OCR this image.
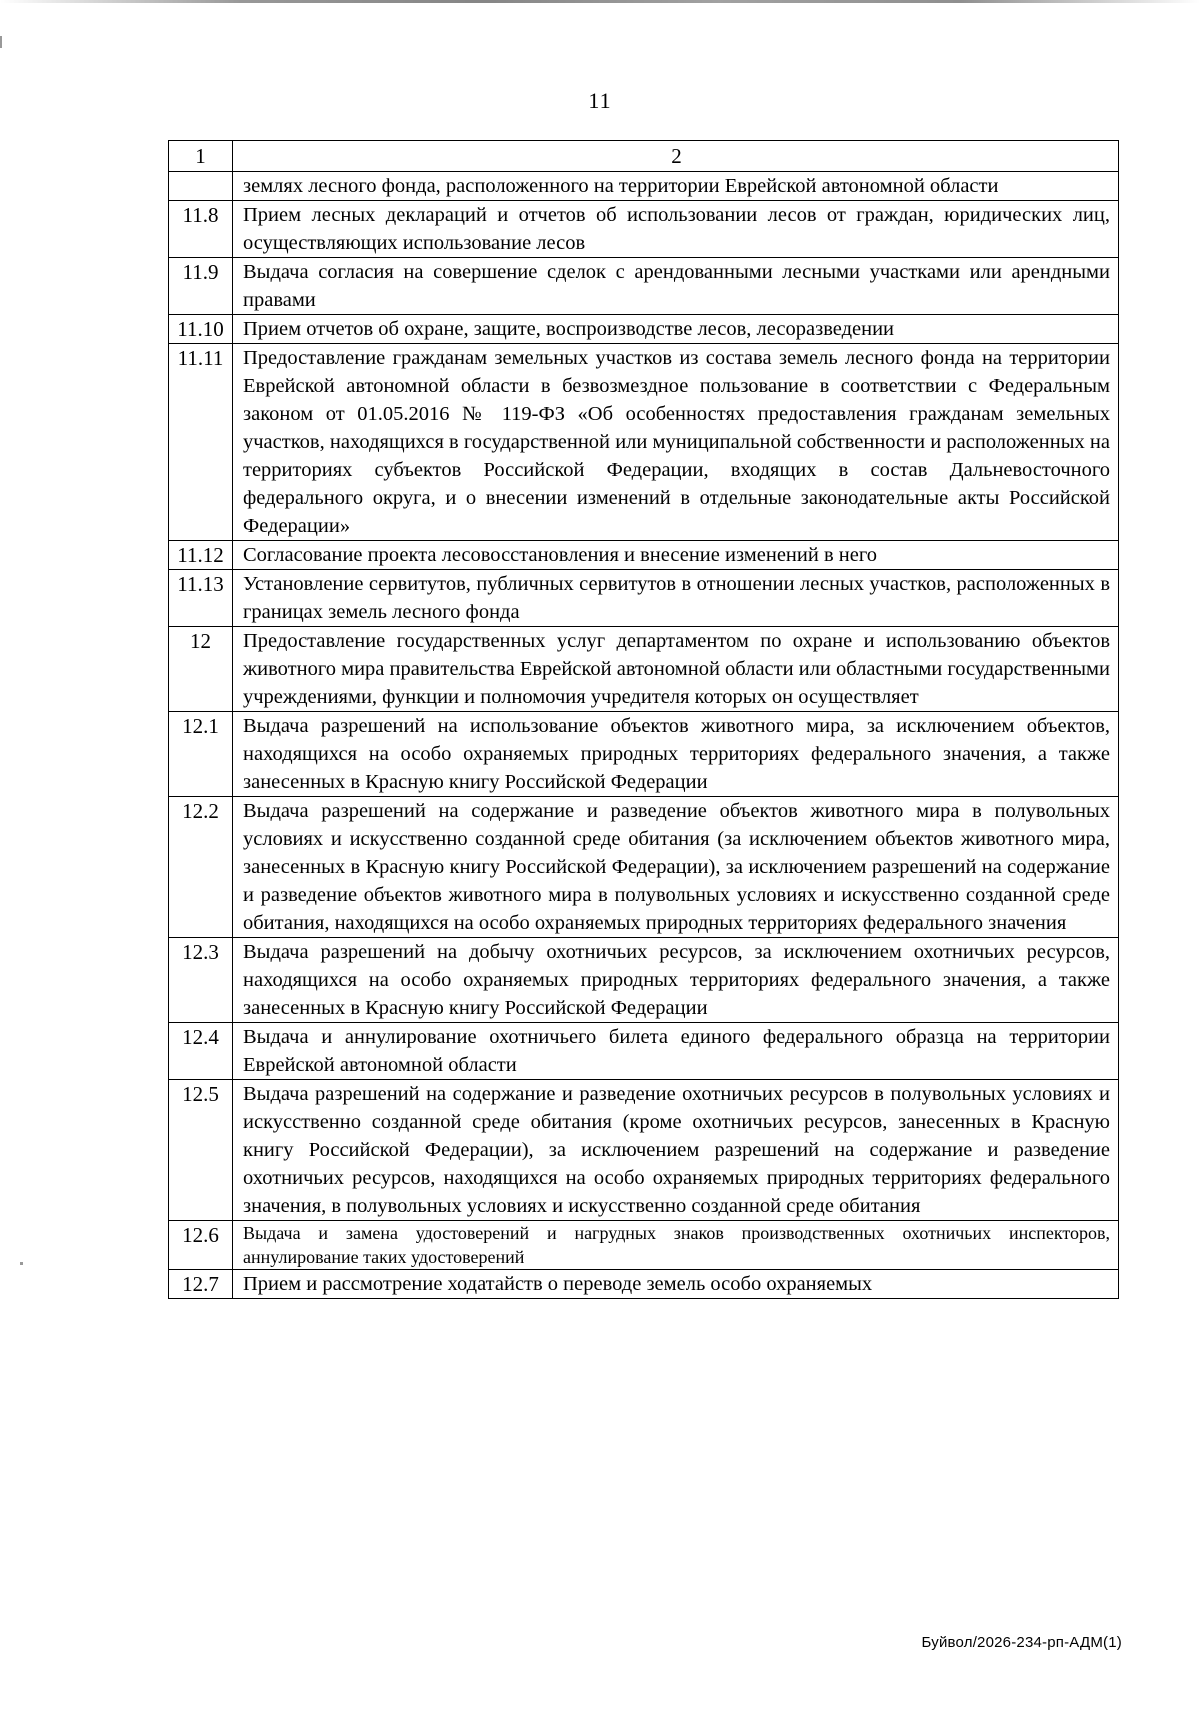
11
1	2
	землях лесного фонда, расположенного на территории Еврейской автономной области
11.8	Прием лесных деклараций и отчетов об использовании лесов от граждан, юридических лиц, осуществляющих использование лесов
11.9	Выдача согласия на совершение сделок с арендованными лесными участками или арендными правами
11.10	Прием отчетов об охране, защите, воспроизводстве лесов, лесоразведении
11.11	Предоставление гражданам земельных участков из состава земель лесного фонда на территории Еврейской автономной области в безвозмездное пользование в соответствии с Федеральным законом от 01.05.2016 № 119-ФЗ «Об особенностях предоставления гражданам земельных участков, находящихся в государственной или муниципальной собственности и расположенных на территориях субъектов Российской Федерации, входящих в состав Дальневосточного федерального округа, и о внесении изменений в отдельные законодательные акты Российской Федерации»
11.12	Согласование проекта лесовосстановления и внесение изменений в него
11.13	Установление сервитутов, публичных сервитутов в отношении лесных участков, расположенных в границах земель лесного фонда
12	Предоставление государственных услуг департаментом по охране и использованию объектов животного мира правительства Еврейской автономной области или областными государственными учреждениями, функции и полномочия учредителя которых он осуществляет
12.1	Выдача разрешений на использование объектов животного мира, за исключением объектов, находящихся на особо охраняемых природных территориях федерального значения, а также занесенных в Красную книгу Российской Федерации
12.2	Выдача разрешений на содержание и разведение объектов животного мира в полувольных условиях и искусственно созданной среде обитания (за исключением объектов животного мира, занесенных в Красную книгу Российской Федерации), за исключением разрешений на содержание и разведение объектов животного мира в полувольных условиях и искусственно созданной среде обитания, находящихся на особо охраняемых природных территориях федерального значения
12.3	Выдача разрешений на добычу охотничьих ресурсов, за исключением охотничьих ресурсов, находящихся на особо охраняемых природных территориях федерального значения, а также занесенных в Красную книгу Российской Федерации
12.4	Выдача и аннулирование охотничьего билета единого федерального образца на территории Еврейской автономной области
12.5	Выдача разрешений на содержание и разведение охотничьих ресурсов в полувольных условиях и искусственно созданной среде обитания (кроме охотничьих ресурсов, занесенных в Красную книгу Российской Федерации), за исключением разрешений на содержание и разведение охотничьих ресурсов, находящихся на особо охраняемых природных территориях федерального значения, в полувольных условиях и искусственно созданной среде обитания
12.6	Выдача и замена удостоверений и нагрудных знаков производственных охотничьих инспекторов, аннулирование таких удостоверений
12.7	Прием и рассмотрение ходатайств о переводе земель особо охраняемых
Буйвол/2026-234-рп-АДМ(1)
